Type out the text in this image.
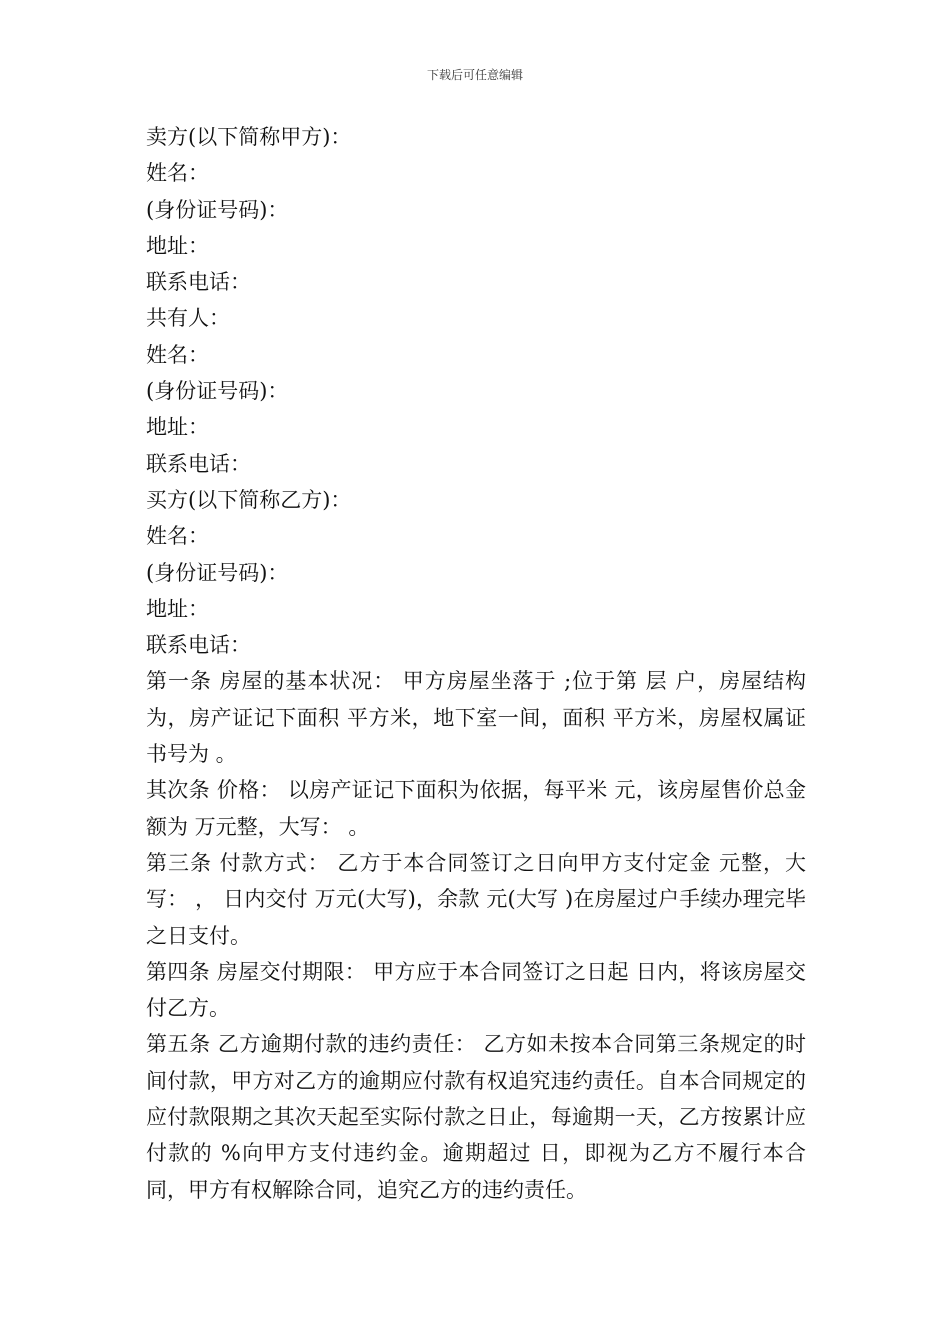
下载后可任意编辑
卖方(以下简称甲方)：
姓名：
(身份证号码)：
地址：
联系电话：
共有人：
姓名：
(身份证号码)：
地址：
联系电话：
买方(以下简称乙方)：
姓名：
(身份证号码)：
地址：
联系电话：
第一条 房屋的基本状况： 甲方房屋坐落于 ;位于第 层 户，房屋结构为，房产证记下面积 平方米，地下室一间，面积 平方米，房屋权属证书号为 。
其次条 价格： 以房产证记下面积为依据，每平米 元，该房屋售价总金额为 万元整，大写： 。
第三条 付款方式： 乙方于本合同签订之日向甲方支付定金 元整，大写： ， 日内交付 万元(大写)，余款 元(大写 )在房屋过户手续办理完毕之日支付。
第四条 房屋交付期限： 甲方应于本合同签订之日起 日内，将该房屋交付乙方。
第五条 乙方逾期付款的违约责任： 乙方如未按本合同第三条规定的时间付款，甲方对乙方的逾期应付款有权追究违约责任。自本合同规定的应付款限期之其次天起至实际付款之日止，每逾期一天，乙方按累计应付款的 %向甲方支付违约金。逾期超过 日，即视为乙方不履行本合同，甲方有权解除合同，追究乙方的违约责任。
